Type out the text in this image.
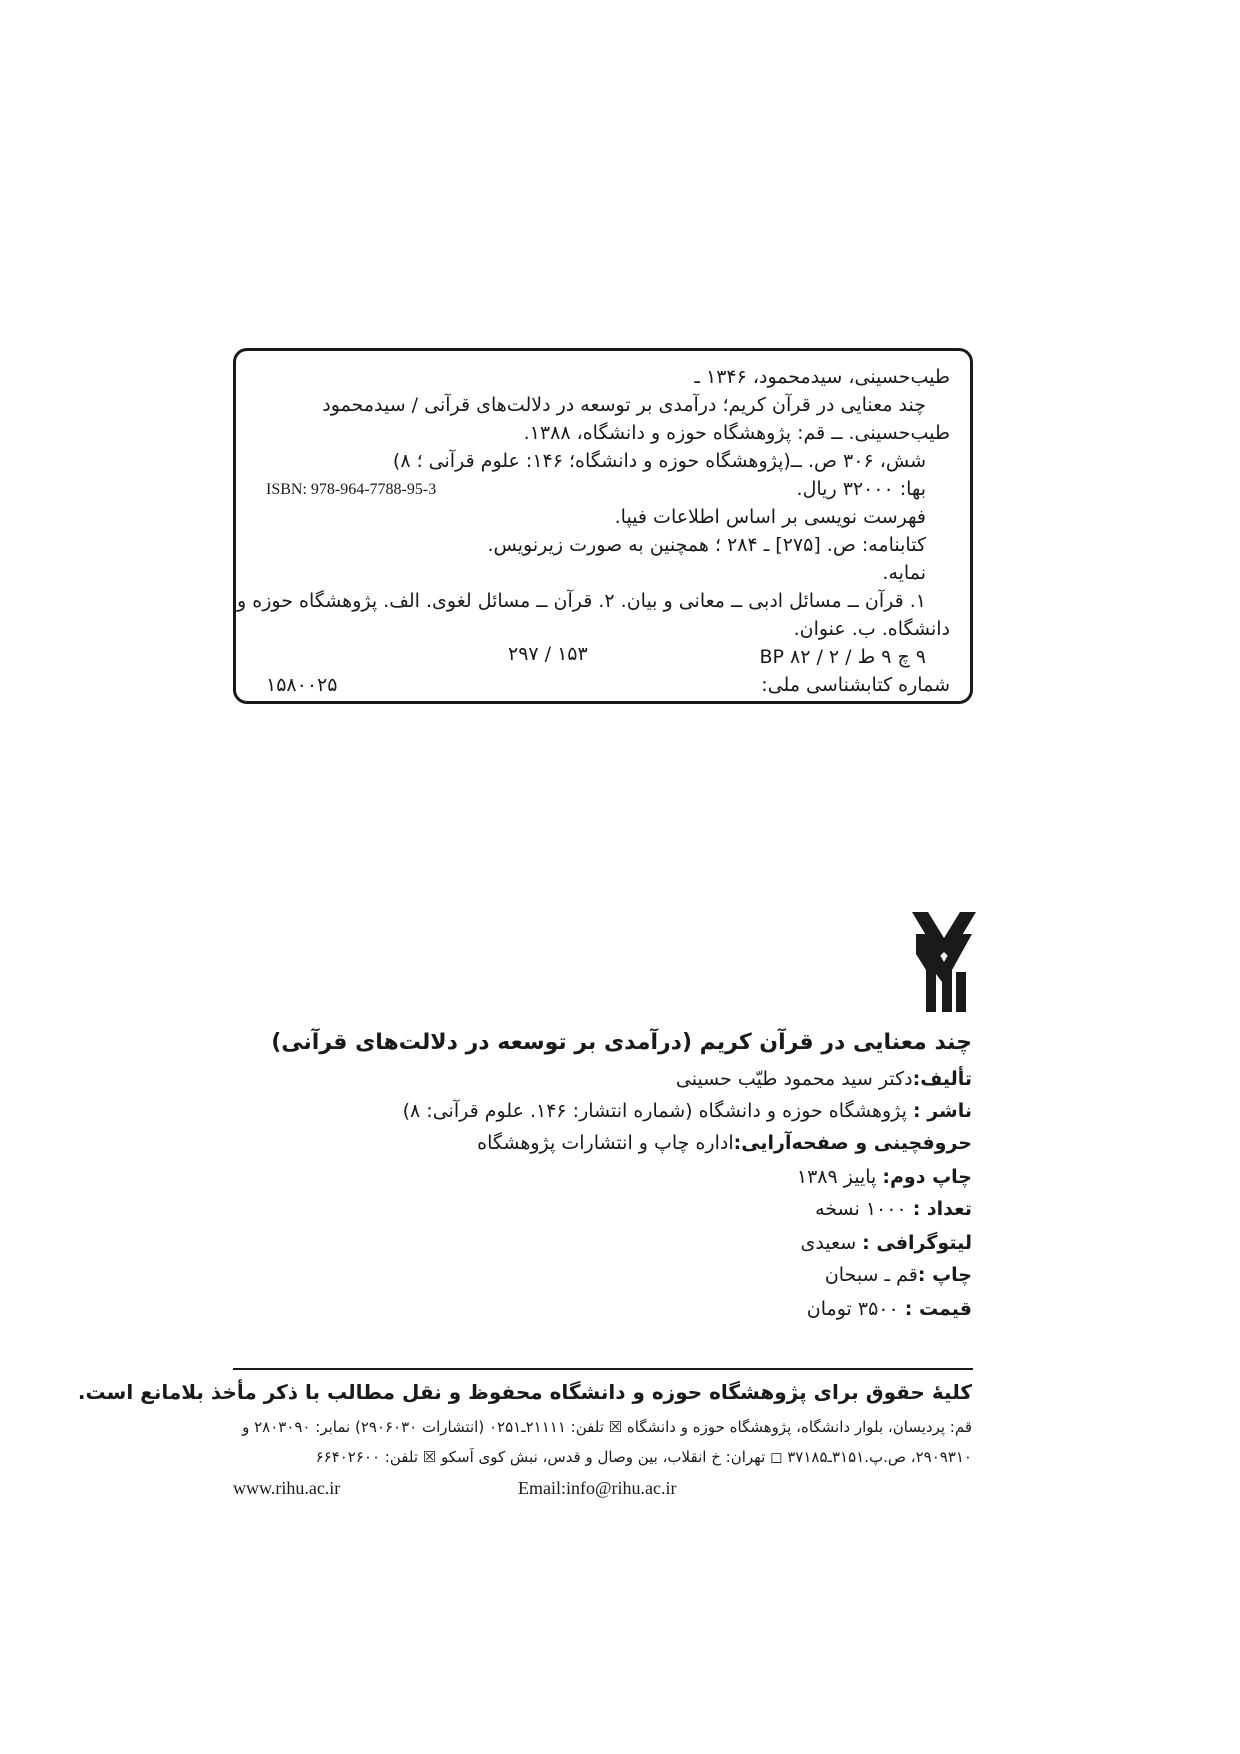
طیب‌حسینی، سیدمحمود، ۱۳۴۶ ـ
چند معنایی در قرآن کریم؛ درآمدی بر توسعه در دلالت‌های قرآنی / سیدمحمود
طیب‌حسینی. ــ قم: پژوهشگاه حوزه و دانشگاه، ۱۳۸۸.
شش، ۳۰۶ ص. ــ(پژوهشگاه حوزه و دانشگاه؛ ۱۴۶: علوم قرآنی ؛ ۸)
بها: ۳۲۰۰۰ ریال.
ISBN: 978-964-7788-95-3
فهرست نویسی بر اساس اطلاعات فیپا.
کتابنامه: ص. [۲۷۵] ـ ۲۸۴ ؛ همچنین به صورت زیرنویس.
نمایه.
۱. قرآن ــ مسائل ادبی ــ معانی و بیان. ۲. قرآن ــ مسائل لغوی. الف. پژوهشگاه حوزه و
دانشگاه. ب. عنوان.
۹ چ ۹ ط / ۲ / BP ۸۲
۲۹۷ / ۱۵۳
شماره کتابشناسی ملی:
۱۵۸۰۰۲۵
چند معنایی در قرآن کریم (درآمدی بر توسعه در دلالت‌های قرآنی)
تألیف:دکتر سید محمود طیّب حسینی
ناشر : پژوهشگاه حوزه و دانشگاه (شماره انتشار: ۱۴۶. علوم قرآنی: ۸)
حروفچینی و صفحه‌آرایی:اداره چاپ و انتشارات پژوهشگاه
چاپ دوم: پاییز ۱۳۸۹
تعداد : ۱۰۰۰ نسخه
لیتوگرافی : سعیدی
چاپ :قم ـ سبحان
قیمت : ۳۵۰۰ تومان
کلیهٔ حقوق برای پژوهشگاه حوزه و دانشگاه محفوظ و نقل مطالب با ذکر مأخذ بلامانع است.
قم: پردیسان، بلوار دانشگاه، پژوهشگاه حوزه و دانشگاه ☒ تلفن: ۲۱۱۱۱ـ۰۲۵۱ (انتشارات ۲۹۰۶۰۳۰) نمابر: ۲۸۰۳۰۹۰ و
۲۹۰۹۳۱۰، ص.پ.۳۱۵۱ـ۳۷۱۸۵ ◻ تهران: خ انقلاب، بین وصال و قدس، نبش کوی اَسکو ☒ تلفن: ۶۶۴۰۲۶۰۰
www.rihu.ac.ir	Email:info@rihu.ac.ir
